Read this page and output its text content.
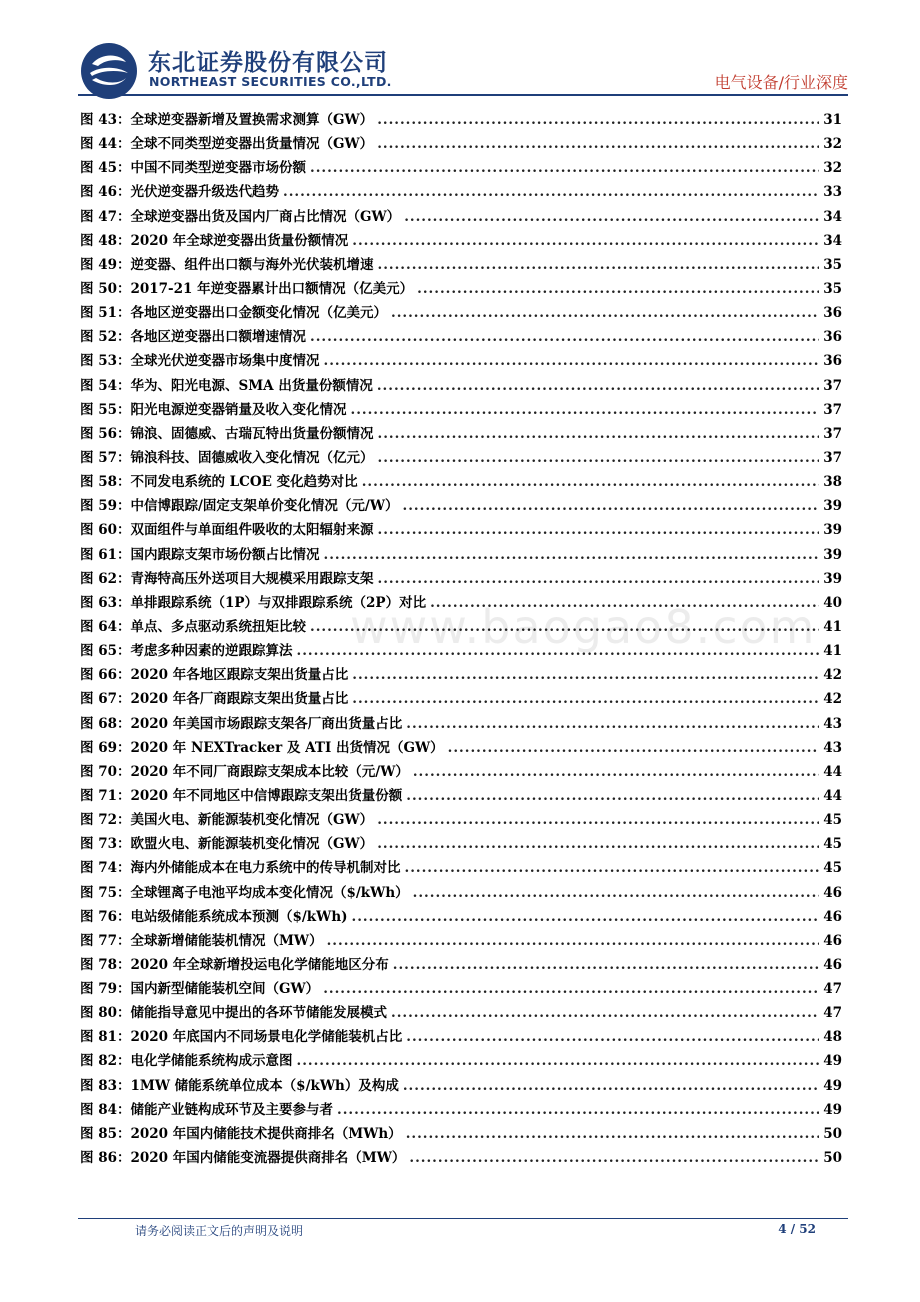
东北证券股份有限公司
NORTHEAST SECURITIES CO.,LTD.	电气设备/行业深度
www.baogao8.com
图 43：全球逆变器新增及置换需求测算（GW） .....	31
图 44：全球不同类型逆变器出货量情况（GW） .....	32
图 45：中国不同类型逆变器市场份额 .....	32
图 46：光伏逆变器升级迭代趋势 .....	33
图 47：全球逆变器出货及国内厂商占比情况（GW） .....	34
图 48：2020 年全球逆变器出货量份额情况 .....	34
图 49：逆变器、组件出口额与海外光伏装机增速 .....	35
图 50：2017-21 年逆变器累计出口额情况（亿美元） .....	35
图 51：各地区逆变器出口金额变化情况（亿美元） .....	36
图 52：各地区逆变器出口额增速情况 .....	36
图 53：全球光伏逆变器市场集中度情况 .....	36
图 54：华为、阳光电源、SMA 出货量份额情况 .....	37
图 55：阳光电源逆变器销量及收入变化情况 .....	37
图 56：锦浪、固德威、古瑞瓦特出货量份额情况 .....	37
图 57：锦浪科技、固德威收入变化情况（亿元） .....	37
图 58：不同发电系统的 LCOE 变化趋势对比 .....	38
图 59：中信博跟踪/固定支架单价变化情况（元/W） .....	39
图 60：双面组件与单面组件吸收的太阳辐射来源 .....	39
图 61：国内跟踪支架市场份额占比情况 .....	39
图 62：青海特高压外送项目大规模采用跟踪支架 .....	39
图 63：单排跟踪系统（1P）与双排跟踪系统（2P）对比 .....	40
图 64：单点、多点驱动系统扭矩比较 .....	41
图 65：考虑多种因素的逆跟踪算法 .....	41
图 66：2020 年各地区跟踪支架出货量占比 .....	42
图 67：2020 年各厂商跟踪支架出货量占比 .....	42
图 68：2020 年美国市场跟踪支架各厂商出货量占比 .....	43
图 69：2020 年 NEXTracker 及 ATI 出货情况（GW） .....	43
图 70：2020 年不同厂商跟踪支架成本比较（元/W） .....	44
图 71：2020 年不同地区中信博跟踪支架出货量份额 .....	44
图 72：美国火电、新能源装机变化情况（GW） .....	45
图 73：欧盟火电、新能源装机变化情况（GW） .....	45
图 74：海内外储能成本在电力系统中的传导机制对比 .....	45
图 75：全球锂离子电池平均成本变化情况（$/kWh） .....	46
图 76：电站级储能系统成本预测（$/kWh) .....	46
图 77：全球新增储能装机情况（MW） .....	46
图 78：2020 年全球新增投运电化学储能地区分布 .....	46
图 79：国内新型储能装机空间（GW） .....	47
图 80：储能指导意见中提出的各环节储能发展模式 .....	47
图 81：2020 年底国内不同场景电化学储能装机占比 .....	48
图 82：电化学储能系统构成示意图 .....	49
图 83：1MW 储能系统单位成本（$/kWh）及构成 .....	49
图 84：储能产业链构成环节及主要参与者 .....	49
图 85：2020 年国内储能技术提供商排名（MWh） .....	50
图 86：2020 年国内储能变流器提供商排名（MW） .....	50
请务必阅读正文后的声明及说明	4 / 52
